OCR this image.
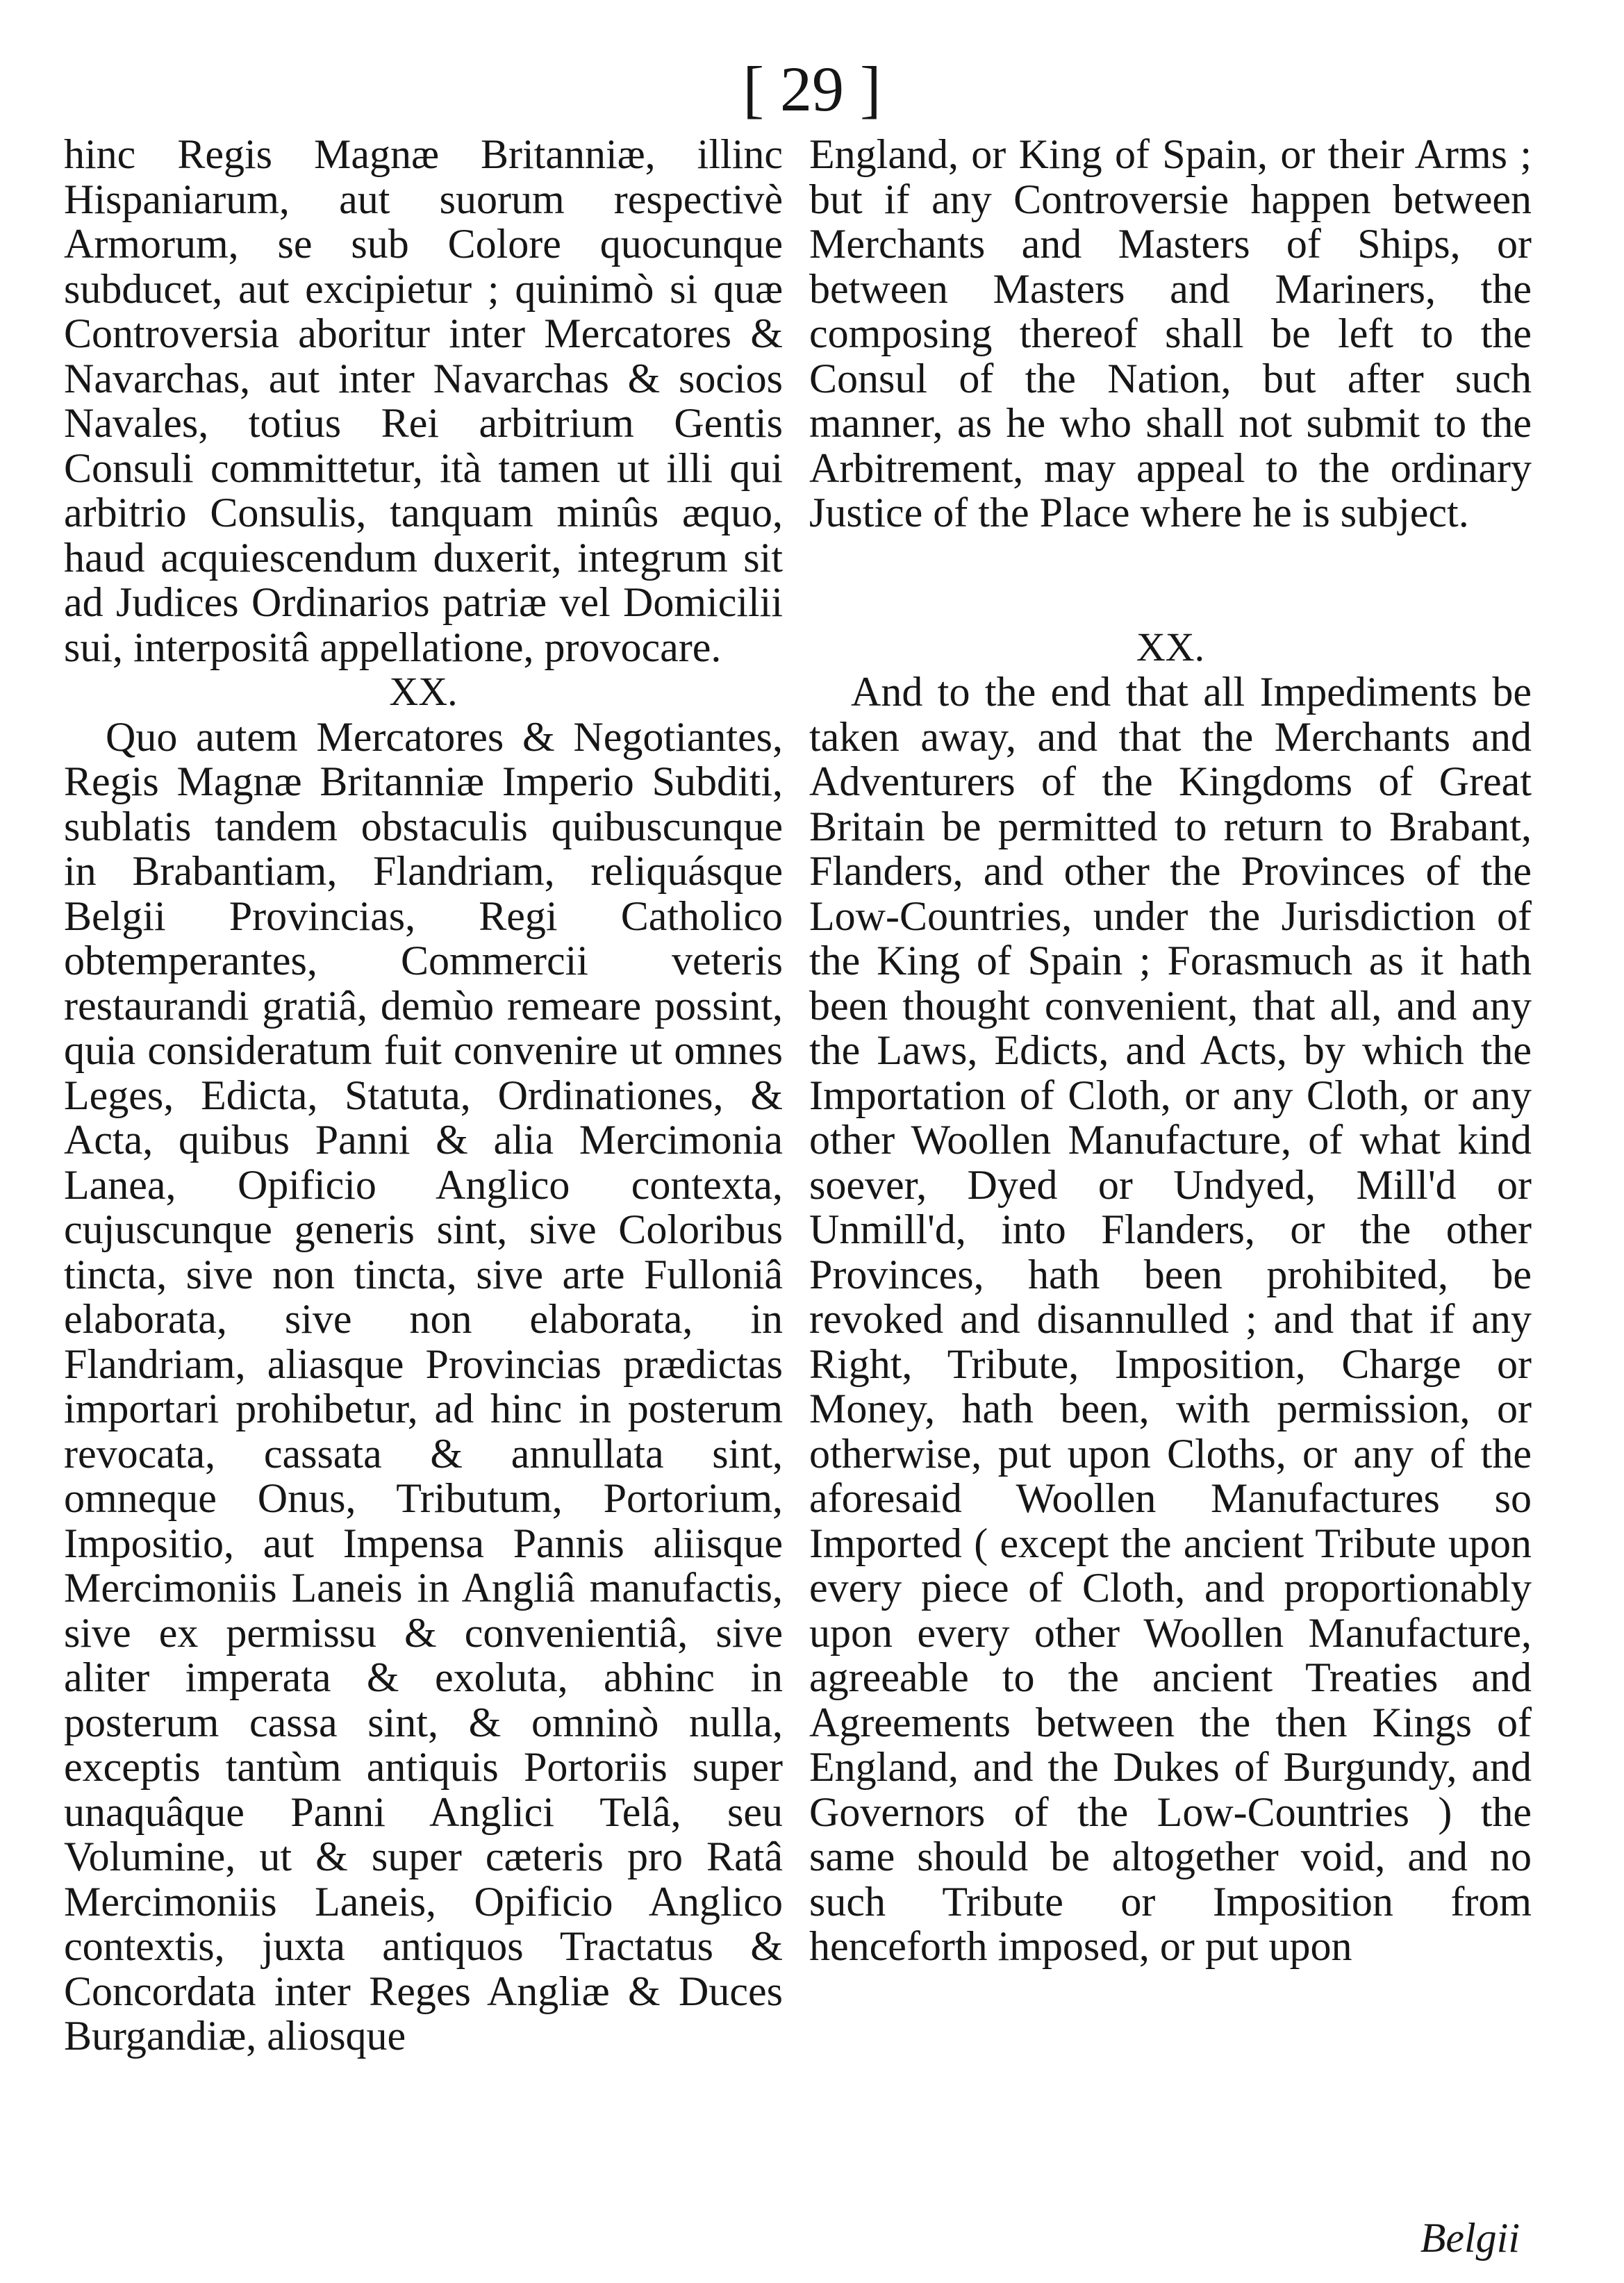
[ 29 ]

hinc Regis Magnæ Britanniæ, illinc Hispaniarum, aut suorum respectivè Armorum, se sub Colore quocunque subducet, aut excipietur ; quinimò si quæ Controversia aboritur inter Mercatores & Navarchas, aut inter Navarchas & socios Navales, totius Rei arbitrium Gentis Consuli committetur, ità tamen ut illi qui arbitrio Consulis, tanquam minûs æquo, haud acquiescendum duxerit, integrum sit ad Judices Ordinarios patriæ vel Domicilii sui, interpositâ appellatione, provocare.

XX.

Quo autem Mercatores & Negotiantes, Regis Magnæ Britanniæ Imperio Subditi, sublatis tandem obstaculis quibuscunque in Brabantiam, Flandriam, reliquásque Belgii Provincias, Regi Catholico obtemperantes, Commercii veteris restaurandi gratiâ, demùo remeare possint, quia consideratum fuit convenire ut omnes Leges, Edicta, Statuta, Ordinationes, & Acta, quibus Panni & alia Mercimonia Lanea, Opificio Anglico contexta, cujuscunque generis sint, sive Coloribus tincta, sive non tincta, sive arte Fulloniâ elaborata, sive non elaborata, in Flandriam, aliasque Provincias prædictas importari prohibetur, ad hinc in posterum revocata, cassata & annullata sint, omneque Onus, Tributum, Portorium, Impositio, aut Impensa Pannis aliisque Mercimoniis Laneis in Angliâ manufactis, sive ex permissu & convenientiâ, sive aliter imperata & exoluta, abhinc in posterum cassa sint, & omninò nulla, exceptis tantùm antiquis Portoriis super unaquâque Panni Anglici Telâ, seu Volumine, ut & super cæteris pro Ratâ Mercimoniis Laneis, Opificio Anglico contextis, juxta antiquos Tractatus & Concordata inter Reges Angliæ & Duces Burgandiæ, aliosque

England, or King of Spain, or their Arms ; but if any Controversie happen between Merchants and Masters of Ships, or between Masters and Mariners, the composing thereof shall be left to the Consul of the Nation, but after such manner, as he who shall not submit to the Arbitrement, may appeal to the ordinary Justice of the Place where he is subject.

XX.

And to the end that all Impediments be taken away, and that the Merchants and Adventurers of the Kingdoms of Great Britain be permitted to return to Brabant, Flanders, and other the Provinces of the Low-Countries, under the Jurisdiction of the King of Spain ; Forasmuch as it hath been thought convenient, that all, and any the Laws, Edicts, and Acts, by which the Importation of Cloth, or any Cloth, or any other Woollen Manufacture, of what kind soever, Dyed or Undyed, Mill'd or Unmill'd, into Flanders, or the other Provinces, hath been prohibited, be revoked and disannulled ; and that if any Right, Tribute, Imposition, Charge or Money, hath been, with permission, or otherwise, put upon Cloths, or any of the aforesaid Woollen Manufactures so Imported ( except the ancient Tribute upon every piece of Cloth, and proportionably upon every other Woollen Manufacture, agreeable to the ancient Treaties and Agreements between the then Kings of England, and the Dukes of Burgundy, and Governors of the Low-Countries ) the same should be altogether void, and no such Tribute or Imposition from henceforth imposed, or put upon

Belgii
